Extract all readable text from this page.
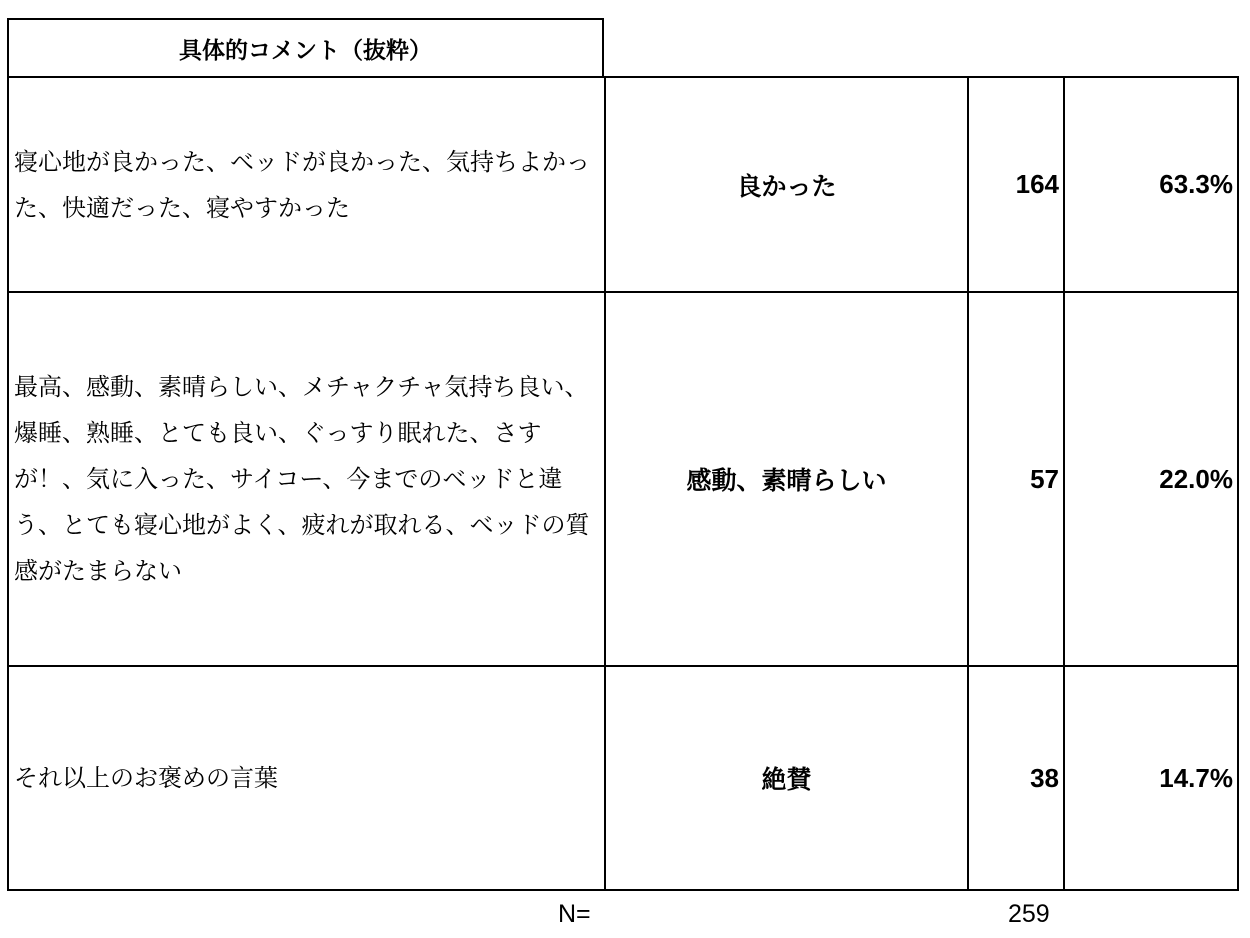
具体的コメント（抜粋）
寝心地が良かった、ベッドが良かった、気持ちよかった、快適だった、寝やすかった	良かった	164	63.3%
最高、感動、素晴らしい、メチャクチャ気持ち良い、爆睡、熟睡、とても良い、ぐっすり眠れた、さすが！、気に入った、サイコー、今までのベッドと違う、とても寝心地がよく、疲れが取れる、ベッドの質感がたまらない	感動、素晴らしい	57	22.0%
それ以上のお褒めの言葉	絶賛	38	14.7%
N=	259
